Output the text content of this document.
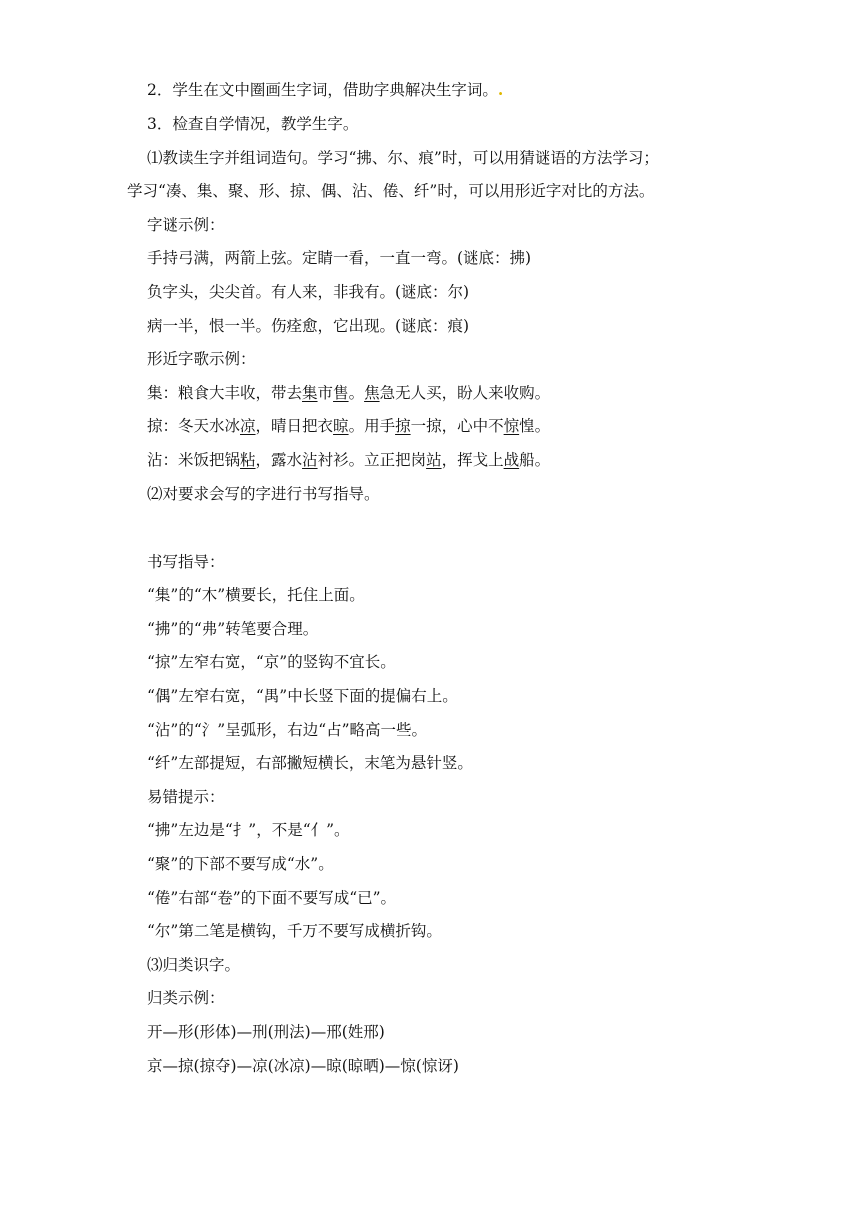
2．学生在文中圈画生字词，借助字典解决生字词。.
3．检查自学情况，教学生字。
⑴教读生字并组词造句。学习“拂、尔、痕”时，可以用猜谜语的方法学习；
学习“凑、集、聚、形、掠、偶、沾、倦、纤”时，可以用形近字对比的方法。
字谜示例：
手持弓满，两箭上弦。定睛一看，一直一弯。(谜底：拂)
负字头，尖尖首。有人来，非我有。(谜底：尔)
病一半，恨一半。伤痊愈，它出现。(谜底：痕)
形近字歌示例：
集：粮食大丰收，带去集市售。焦急无人买，盼人来收购。
掠：冬天水冰凉，晴日把衣晾。用手掠一掠，心中不惊惶。
沾：米饭把锅粘，露水沾衬衫。立正把岗站，挥戈上战船。
⑵对要求会写的字进行书写指导。
书写指导：
“集”的“木”横要长，托住上面。
“拂”的“弗”转笔要合理。
“掠”左窄右宽，“京”的竖钩不宜长。
“偶”左窄右宽，“禺”中长竖下面的提偏右上。
“沾”的“氵”呈弧形，右边“占”略高一些。
“纤”左部提短，右部撇短横长，末笔为悬针竖。
易错提示：
“拂”左边是“扌”，不是“亻”。
“聚”的下部不要写成“水”。
“倦”右部“卷”的下面不要写成“已”。
“尔”第二笔是横钩，千万不要写成横折钩。
⑶归类识字。
归类示例：
开—形(形体)—刑(刑法)—邢(姓邢)
京—掠(掠夺)—凉(冰凉)—晾(晾晒)—惊(惊讶)
